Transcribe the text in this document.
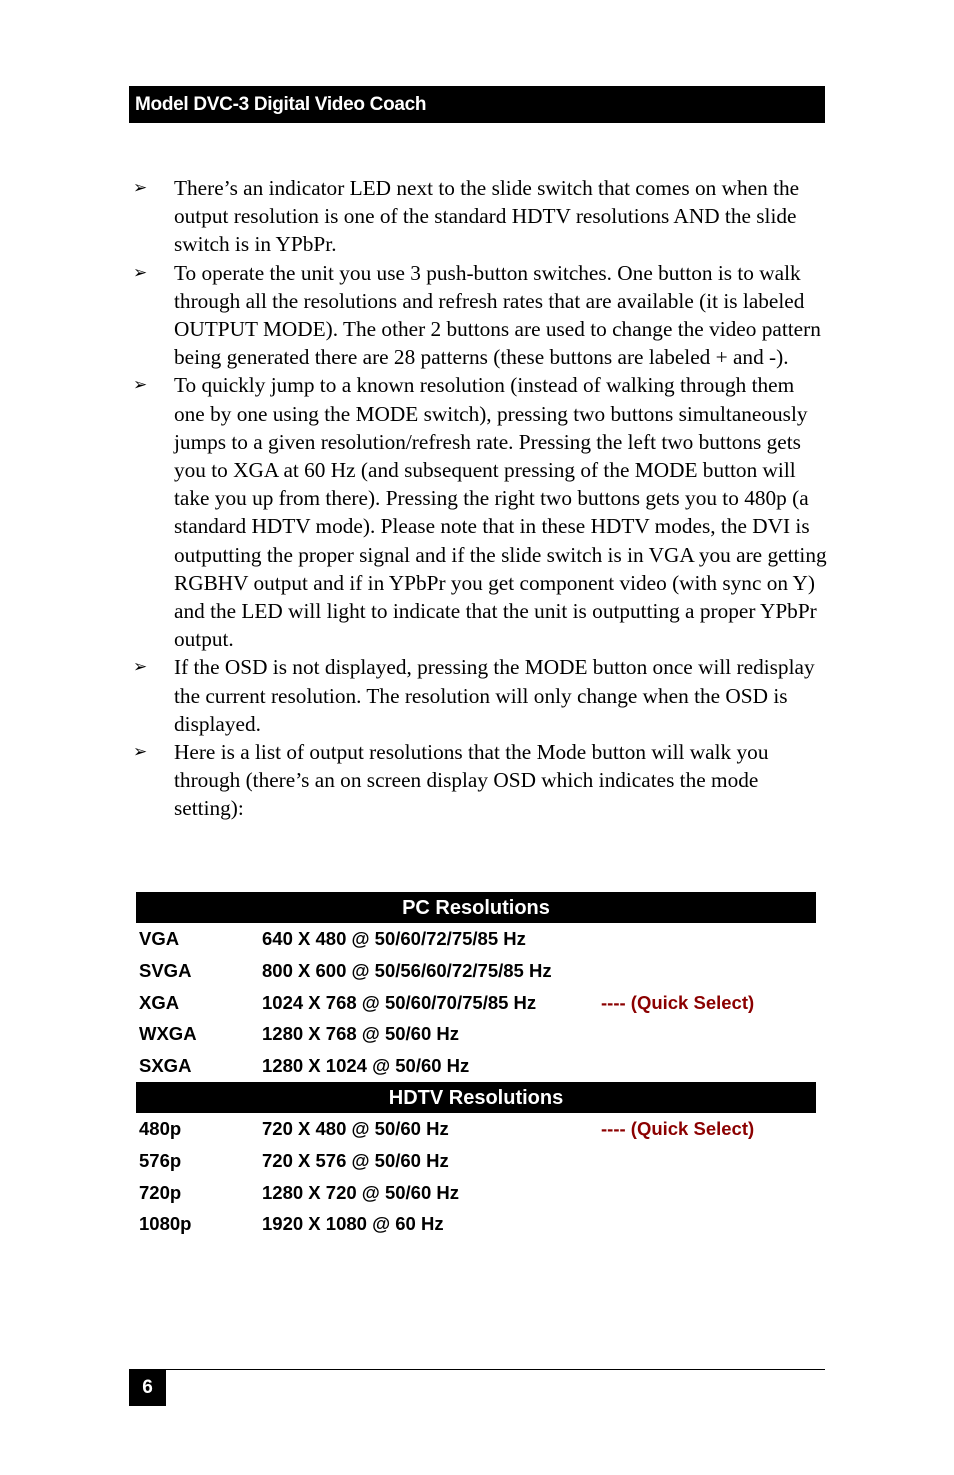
Model DVC-3 Digital Video Coach
➢ There’s an indicator LED next to the slide switch that comes on when the output resolution is one of the standard HDTV resolutions AND the slide switch is in YPbPr.
➢ To operate the unit you use 3 push-button switches. One button is to walk through all the resolutions and refresh rates that are available (it is labeled OUTPUT MODE). The other 2 buttons are used to change the video pattern being generated there are 28 patterns (these buttons are labeled + and -).
➢ To quickly jump to a known resolution (instead of walking through them one by one using the MODE switch), pressing two buttons simultaneously jumps to a given resolution/refresh rate. Pressing the left two buttons gets you to XGA at 60 Hz (and subsequent pressing of the MODE button will take you up from there). Pressing the right two buttons gets you to 480p (a standard HDTV mode). Please note that in these HDTV modes, the DVI is outputting the proper signal and if the slide switch is in VGA you are getting RGBHV output and if in YPbPr you get component video (with sync on Y) and the LED will light to indicate that the unit is outputting a proper YPbPr output.
➢ If the OSD is not displayed, pressing the MODE button once will redisplay the current resolution. The resolution will only change when the OSD is displayed.
➢ Here is a list of output resolutions that the Mode button will walk you through (there’s an on screen display OSD which indicates the mode setting):
PC Resolutions
VGA	640 X 480 @ 50/60/72/75/85 Hz
SVGA	800 X 600 @ 50/56/60/72/75/85 Hz
XGA	1024 X 768 @ 50/60/70/75/85 Hz	---- (Quick Select)
WXGA	1280 X 768 @ 50/60 Hz
SXGA	1280 X 1024 @ 50/60 Hz
HDTV Resolutions
480p	720 X 480 @ 50/60 Hz	---- (Quick Select)
576p	720 X 576 @ 50/60 Hz
720p	1280 X 720 @ 50/60 Hz
1080p	1920 X 1080 @ 60 Hz
6
